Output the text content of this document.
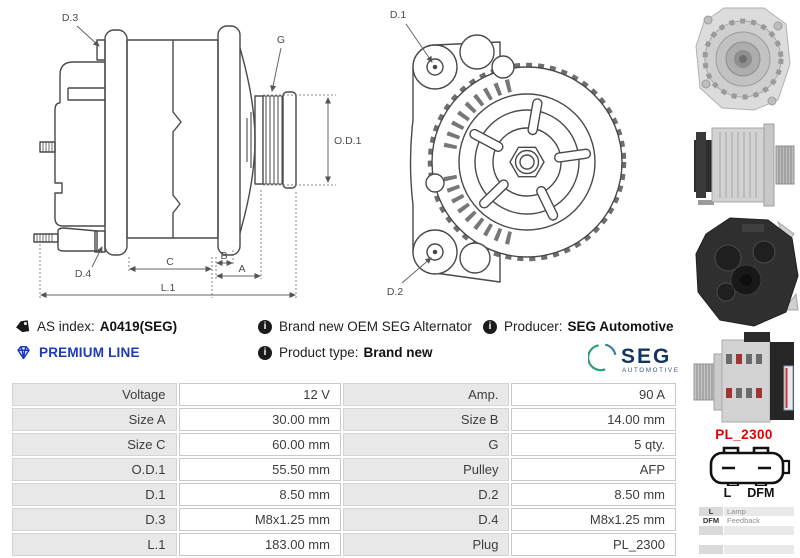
D.3
G
O.D.1
D.4
C	B
A
L.1
D.1
D.2
AS index: A0419(SEG)
PREMIUM LINE
i Brand new OEM SEG Alternator
i Product type: Brand new
i Producer: SEG Automotive
SEG
AUTOMOTIVE
Voltage	12 V	Amp.	90 A
Size A	30.00 mm	Size B	14.00 mm
Size C	60.00 mm	G	5 qty.
O.D.1	55.50 mm	Pulley	AFP
D.1	8.50 mm	D.2	8.50 mm
D.3	M8x1.25 mm	D.4	M8x1.25 mm
L.1	183.00 mm	Plug	PL_2300
PL_2300
L DFM
L	Lamp
DFM	Feedback
